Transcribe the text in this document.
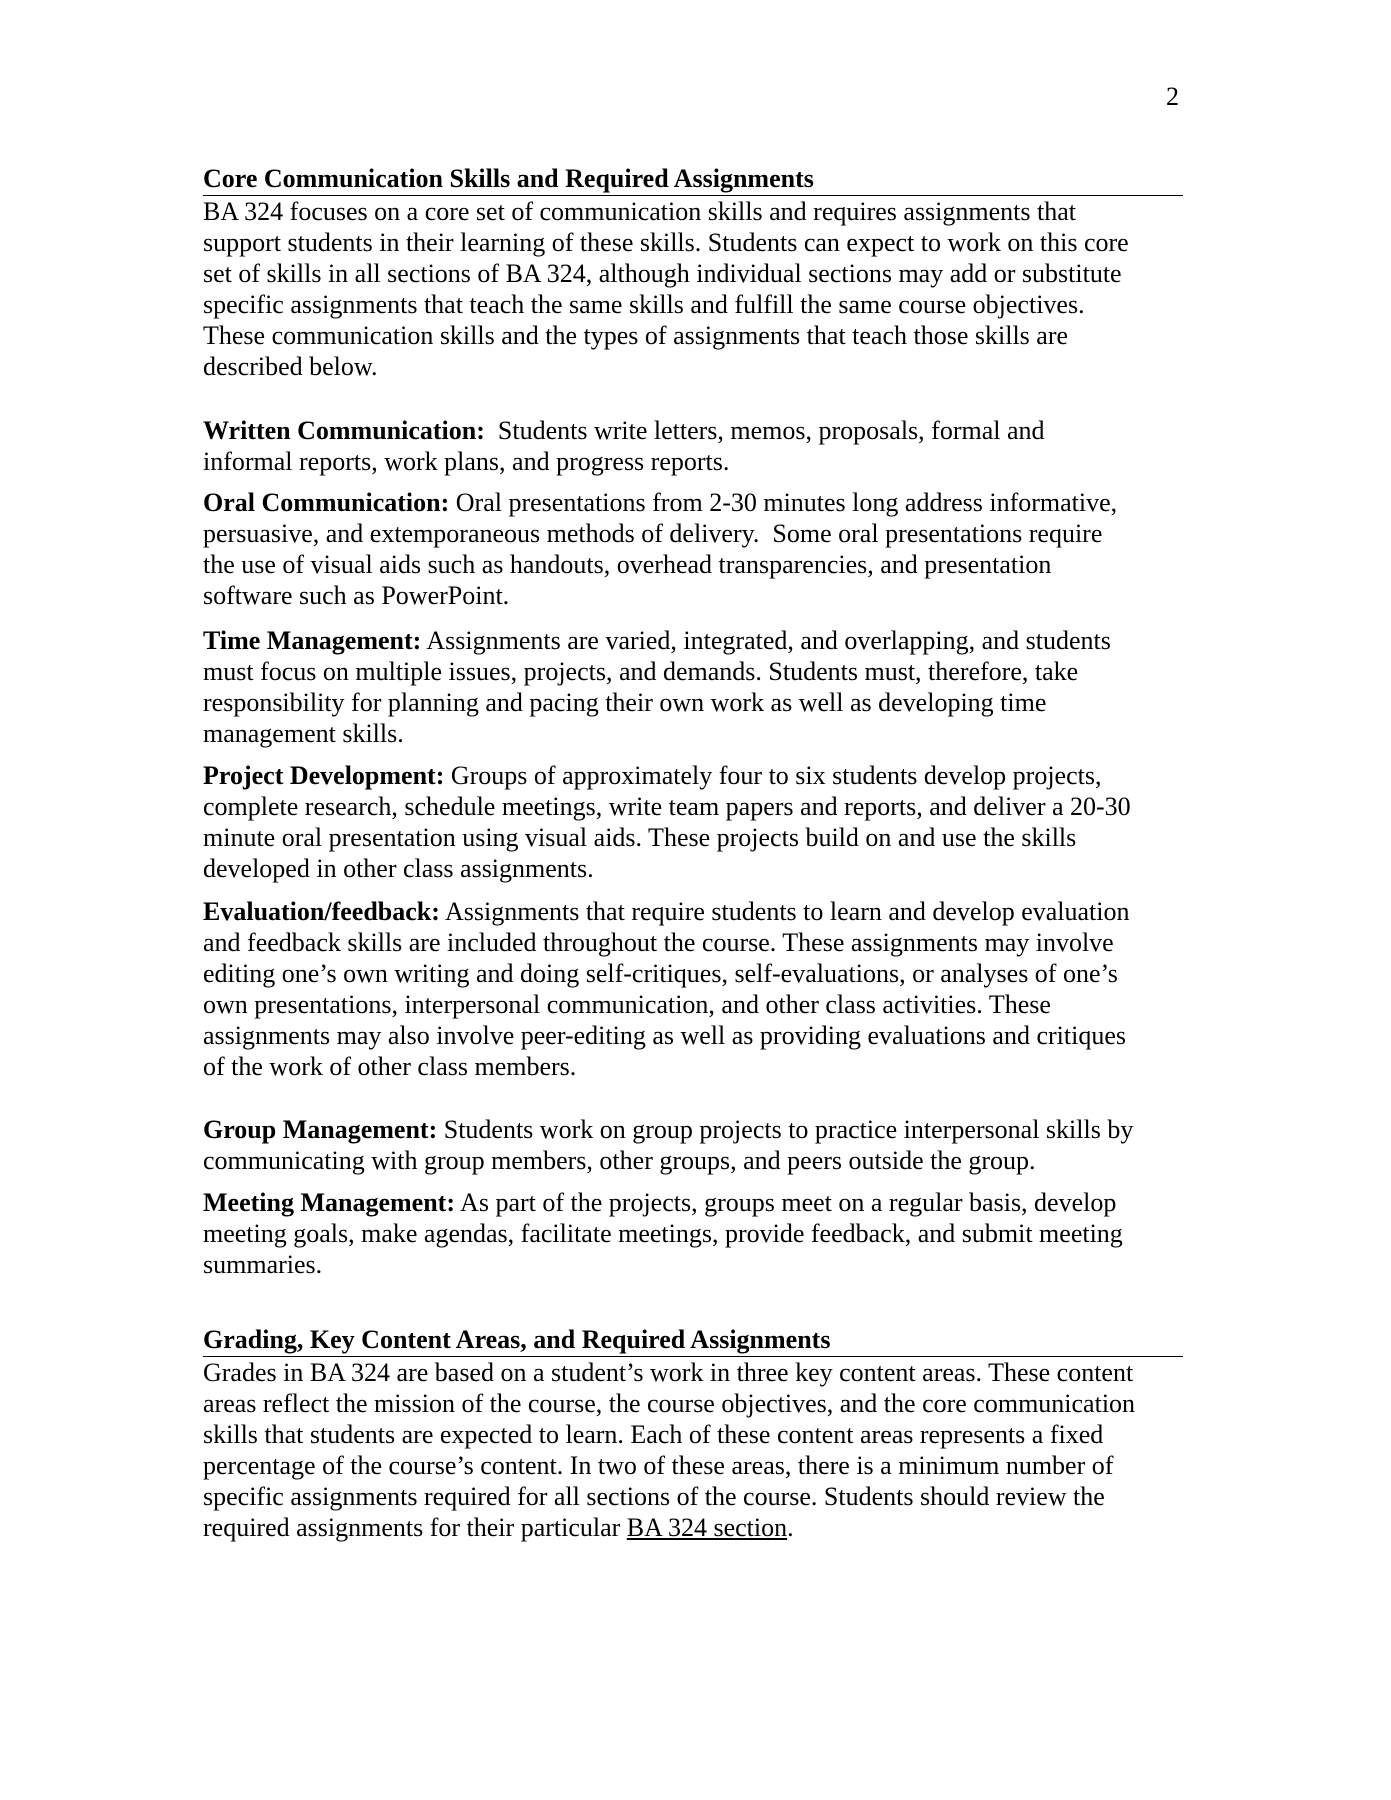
2
Core Communication Skills and Required Assignments
BA 324 focuses on a core set of communication skills and requires assignments that
support students in their learning of these skills. Students can expect to work on this core
set of skills in all sections of BA 324, although individual sections may add or substitute
specific assignments that teach the same skills and fulfill the same course objectives.
These communication skills and the types of assignments that teach those skills are
described below.
Written Communication:  Students write letters, memos, proposals, formal and
informal reports, work plans, and progress reports.
Oral Communication: Oral presentations from 2-30 minutes long address informative,
persuasive, and extemporaneous methods of delivery.  Some oral presentations require
the use of visual aids such as handouts, overhead transparencies, and presentation
software such as PowerPoint.
Time Management: Assignments are varied, integrated, and overlapping, and students
must focus on multiple issues, projects, and demands. Students must, therefore, take
responsibility for planning and pacing their own work as well as developing time
management skills.
Project Development: Groups of approximately four to six students develop projects,
complete research, schedule meetings, write team papers and reports, and deliver a 20-30
minute oral presentation using visual aids. These projects build on and use the skills
developed in other class assignments.
Evaluation/feedback: Assignments that require students to learn and develop evaluation
and feedback skills are included throughout the course. These assignments may involve
editing one’s own writing and doing self-critiques, self-evaluations, or analyses of one’s
own presentations, interpersonal communication, and other class activities. These
assignments may also involve peer-editing as well as providing evaluations and critiques
of the work of other class members.
Group Management: Students work on group projects to practice interpersonal skills by
communicating with group members, other groups, and peers outside the group.
Meeting Management: As part of the projects, groups meet on a regular basis, develop
meeting goals, make agendas, facilitate meetings, provide feedback, and submit meeting
summaries.
Grading, Key Content Areas, and Required Assignments
Grades in BA 324 are based on a student’s work in three key content areas. These content
areas reflect the mission of the course, the course objectives, and the core communication
skills that students are expected to learn. Each of these content areas represents a fixed
percentage of the course’s content. In two of these areas, there is a minimum number of
specific assignments required for all sections of the course. Students should review the
required assignments for their particular BA 324 section.
